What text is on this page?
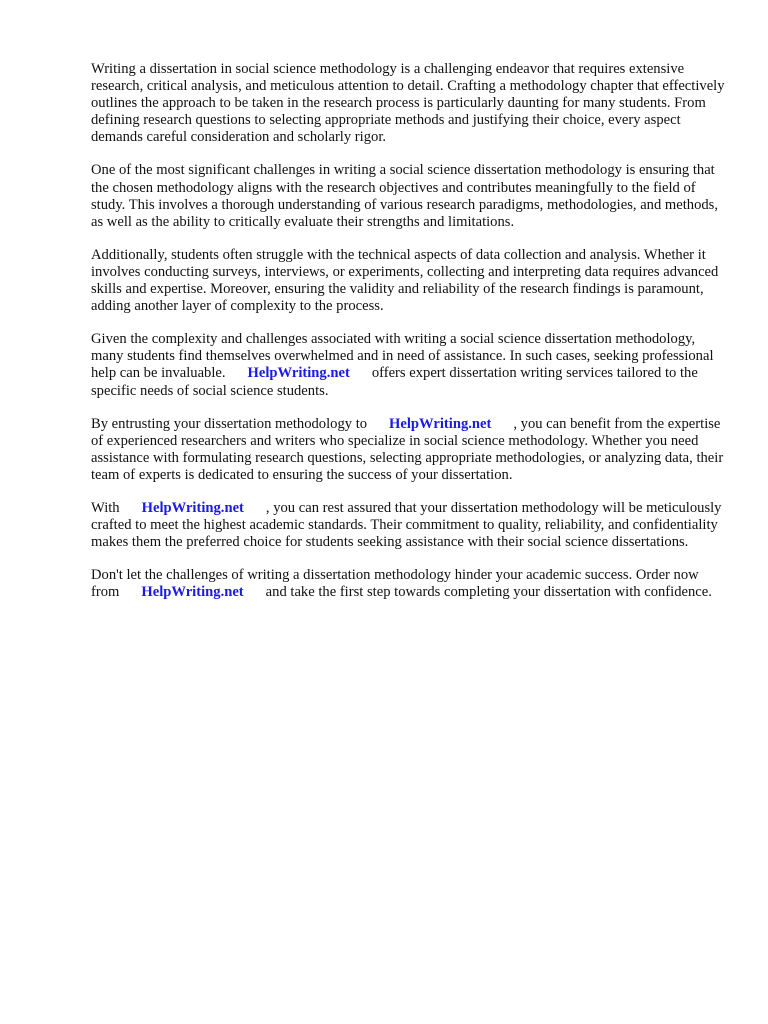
Writing a dissertation in social science methodology is a challenging endeavor that requires extensive research, critical analysis, and meticulous attention to detail. Crafting a methodology chapter that effectively outlines the approach to be taken in the research process is particularly daunting for many students. From defining research questions to selecting appropriate methods and justifying their choice, every aspect demands careful consideration and scholarly rigor.

One of the most significant challenges in writing a social science dissertation methodology is ensuring that the chosen methodology aligns with the research objectives and contributes meaningfully to the field of study. This involves a thorough understanding of various research paradigms, methodologies, and methods, as well as the ability to critically evaluate their strengths and limitations.

Additionally, students often struggle with the technical aspects of data collection and analysis. Whether it involves conducting surveys, interviews, or experiments, collecting and interpreting data requires advanced skills and expertise. Moreover, ensuring the validity and reliability of the research findings is paramount, adding another layer of complexity to the process.

Given the complexity and challenges associated with writing a social science dissertation methodology, many students find themselves overwhelmed and in need of assistance. In such cases, seeking professional help can be invaluable. HelpWriting.net offers expert dissertation writing services tailored to the specific needs of social science students.

By entrusting your dissertation methodology to HelpWriting.net , you can benefit from the expertise of experienced researchers and writers who specialize in social science methodology. Whether you need assistance with formulating research questions, selecting appropriate methodologies, or analyzing data, their team of experts is dedicated to ensuring the success of your dissertation.

With HelpWriting.net , you can rest assured that your dissertation methodology will be meticulously crafted to meet the highest academic standards. Their commitment to quality, reliability, and confidentiality makes them the preferred choice for students seeking assistance with their social science dissertations.

Don't let the challenges of writing a dissertation methodology hinder your academic success. Order now from HelpWriting.net and take the first step towards completing your dissertation with confidence.
